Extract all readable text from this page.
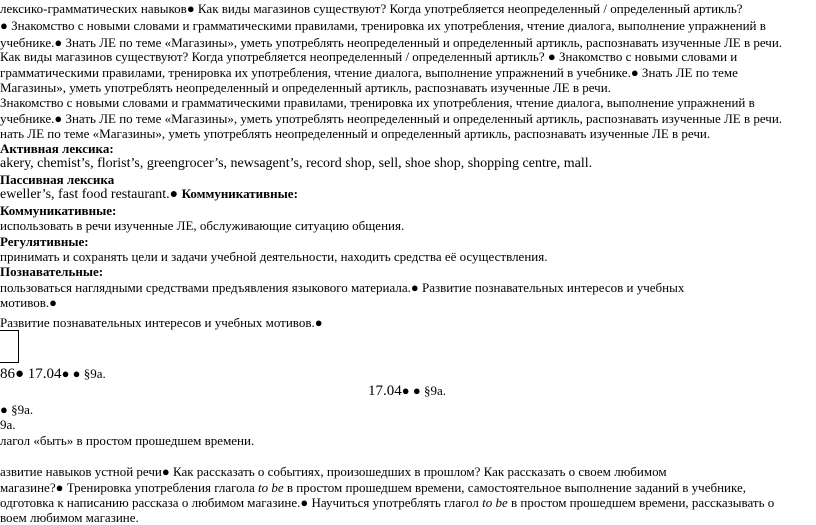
лексико-грамматических навыков● Как виды магазинов существуют? Когда употребляется неопределенный / определенный артикль?
● Знакомство с новыми словами и грамматическими правилами, тренировка их употребления, чтение диалога, выполнение упражнений в
учебнике.● Знать ЛЕ по теме «Магазины», уметь употреблять неопределенный и определенный артикль, распознавать изученные ЛЕ в речи.
Как виды магазинов существуют? Когда употребляется неопределенный / определенный артикль? ● Знакомство с новыми словами и
грамматическими правилами, тренировка их употребления, чтение диалога, выполнение упражнений в учебнике.● Знать ЛЕ по теме
Магазины», уметь употреблять неопределенный и определенный артикль, распознавать изученные ЛЕ в речи.
Знакомство с новыми словами и грамматическими правилами, тренировка их употребления, чтение диалога, выполнение упражнений в
учебнике.● Знать ЛЕ по теме «Магазины», уметь употреблять неопределенный и определенный артикль, распознавать изученные ЛЕ в речи.
нать ЛЕ по теме «Магазины», уметь употреблять неопределенный и определенный артикль, распознавать изученные ЛЕ в речи.
Активная лексика:
akery, chemist’s, florist’s, greengrocer’s, newsagent’s, record shop, sell, shoe shop, shopping centre, mall.
Пассивная лексика
eweller’s, fast food restaurant.● Коммуникативные:
Коммуникативные:
использовать в речи изученные ЛЕ, обслуживающие ситуацию общения.
Регулятивные:
принимать и сохранять цели и задачи учебной деятельности, находить средства её осуществления.
Познавательные:
пользоваться наглядными средствами предъявления языкового материала.● Развитие познавательных интересов и учебных
мотивов.●
Развитие познавательных интересов и учебных мотивов.●
86● 17.04● ● §9a.
17.04● ● §9a.
● §9a.
9a.
лагол «быть» в простом прошедшем времени.
азвитие навыков устной речи● Как рассказать о событиях, произошедших в прошлом? Как рассказать о своем любимом
магазине?● Тренировка употребления глагола to be в простом прошедшем времени, самостоятельное выполнение заданий в учебнике,
одготовка к написанию рассказа о любимом магазине.● Научиться употреблять глагол to be в простом прошедшем времени, рассказывать о
воем любимом магазине.
